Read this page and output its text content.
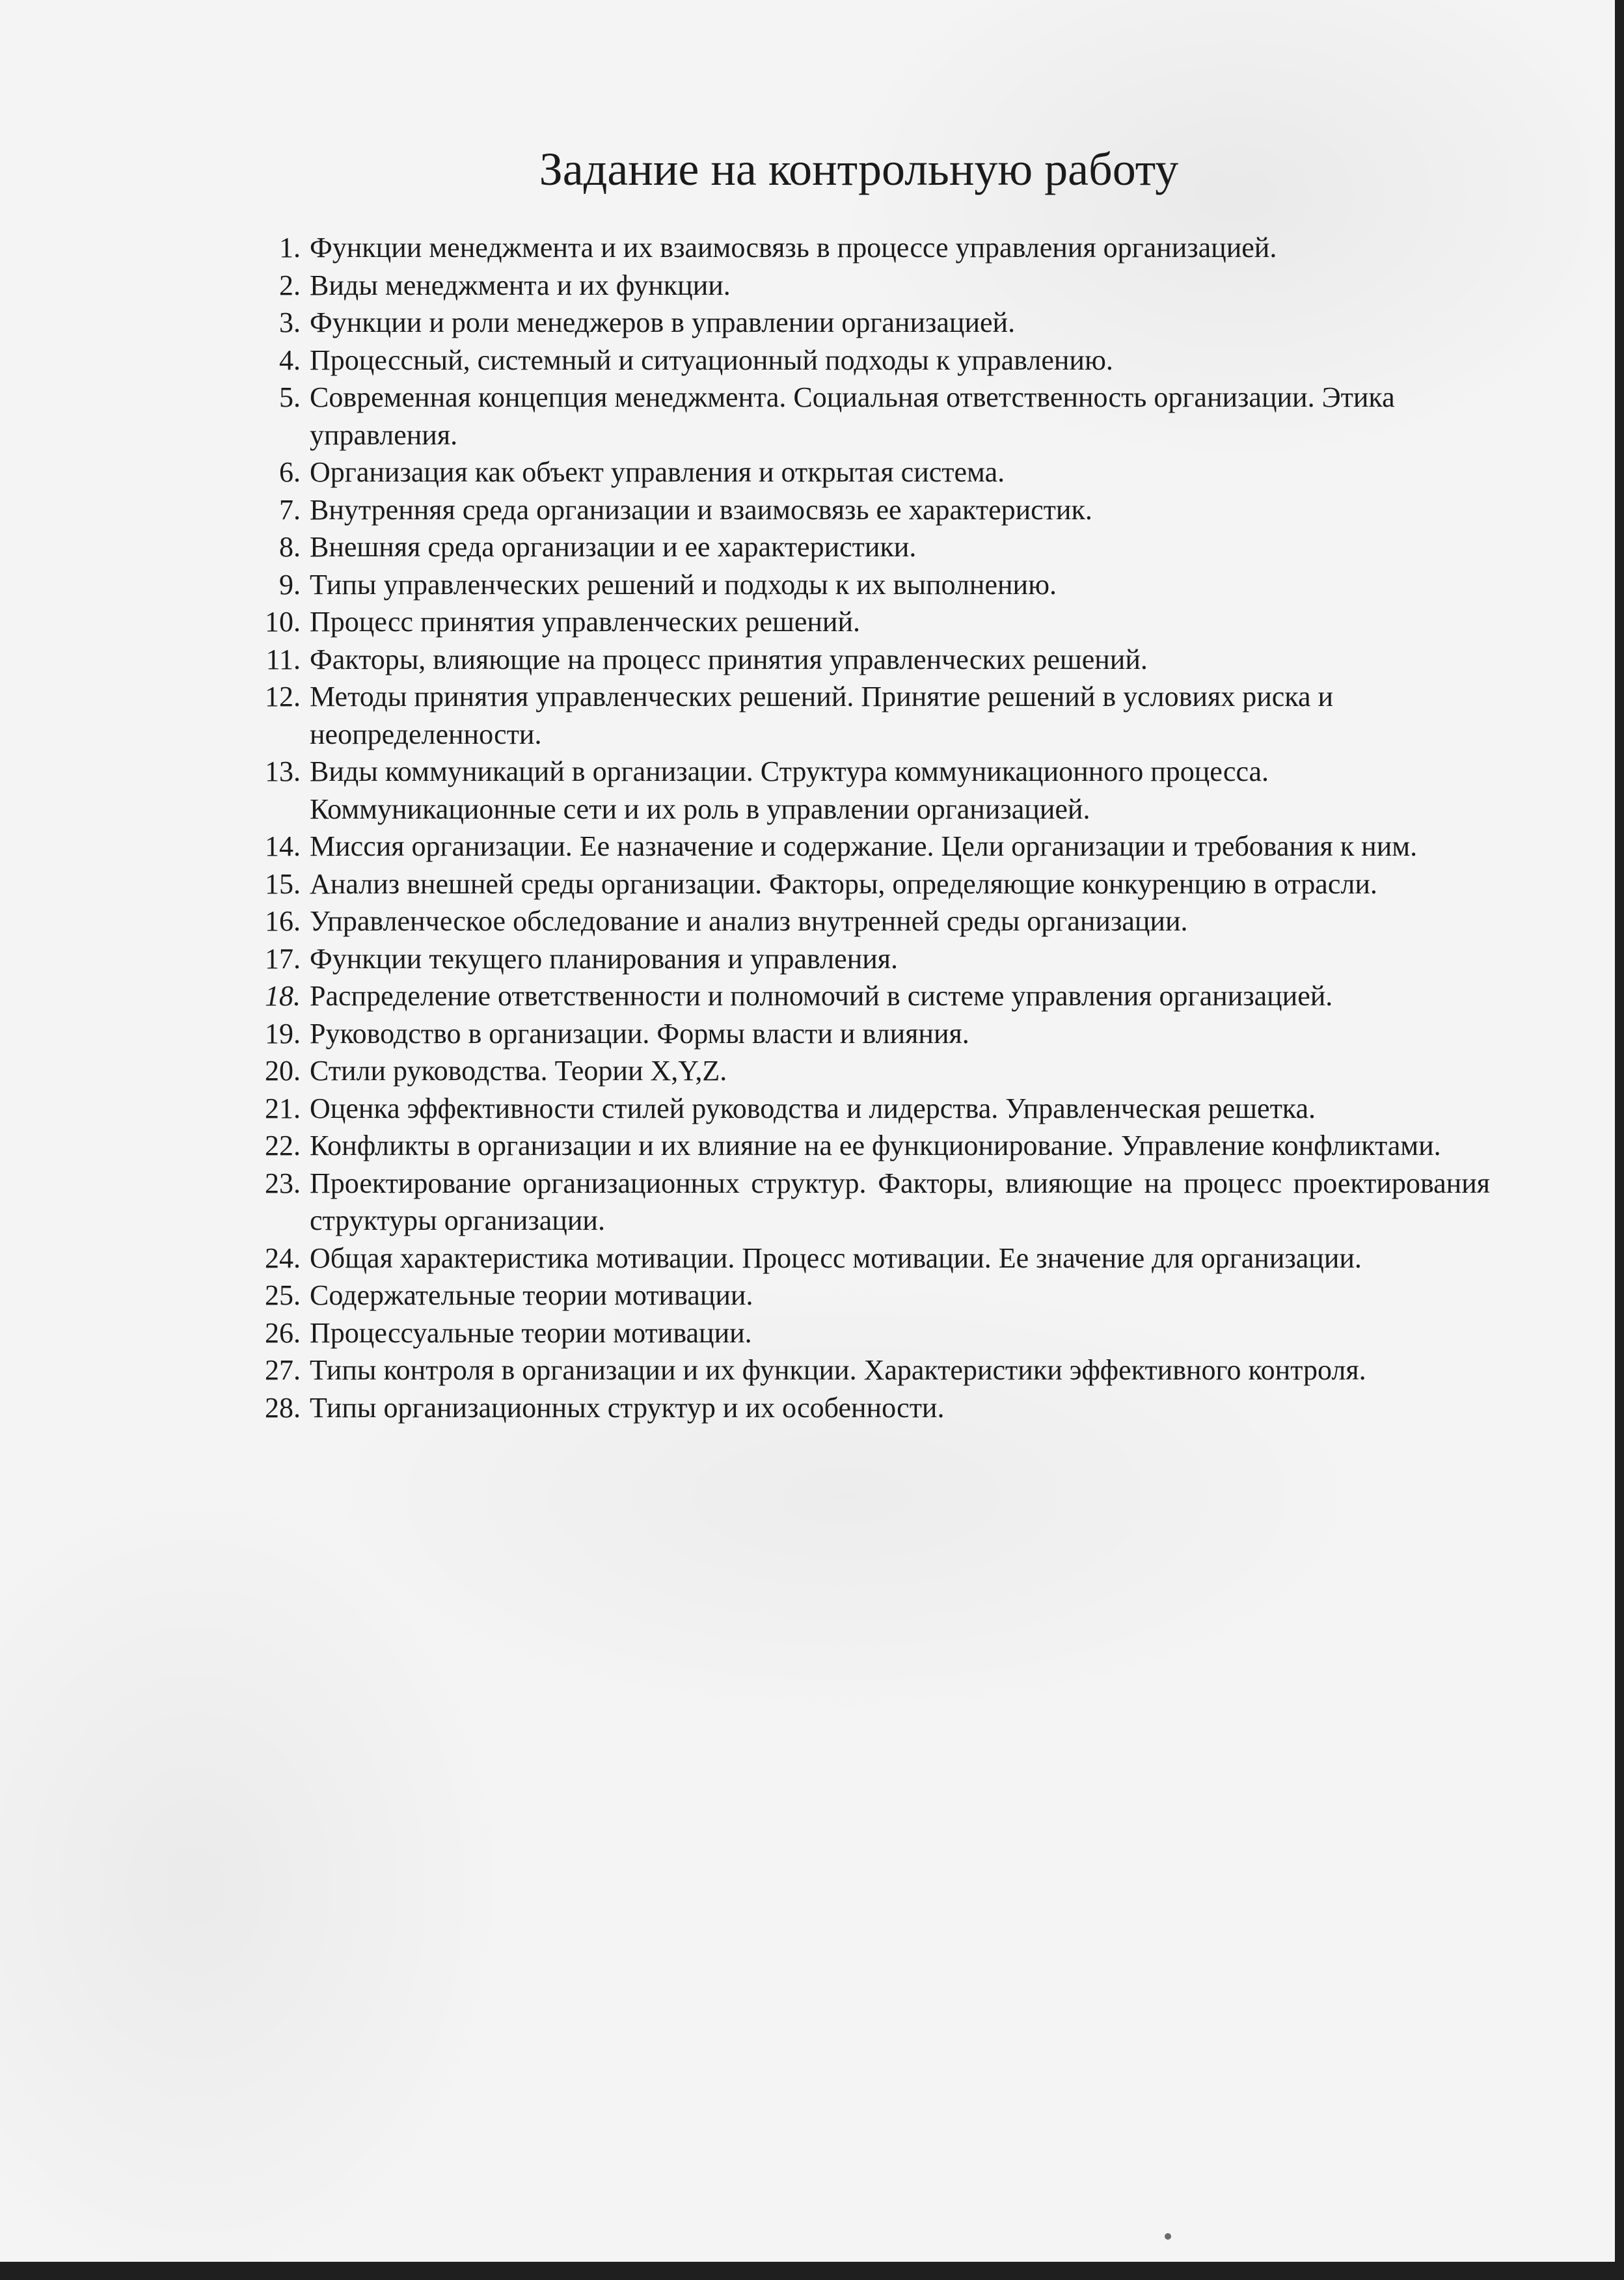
Задание на контрольную работу
1. Функции менеджмента и их взаимосвязь в процессе управления организацией.
2. Виды менеджмента и их функции.
3. Функции и роли менеджеров в управлении организацией.
4. Процессный, системный и ситуационный подходы к управлению.
5. Современная концепция менеджмента. Социальная ответственность организации. Этика управления.
6. Организация как объект управления и открытая система.
7. Внутренняя среда организации и взаимосвязь ее характеристик.
8. Внешняя среда организации и ее характеристики.
9. Типы управленческих решений и подходы к их выполнению.
10. Процесс принятия управленческих решений.
11. Факторы, влияющие на процесс принятия управленческих решений.
12. Методы принятия управленческих решений. Принятие решений в условиях риска и неопределенности.
13. Виды коммуникаций в организации. Структура коммуникационного процесса. Коммуникационные сети и их роль в управлении организацией.
14. Миссия организации. Ее назначение и содержание. Цели организации и требования к ним.
15. Анализ внешней среды организации. Факторы, определяющие конкуренцию в отрасли.
16. Управленческое обследование и анализ внутренней среды организации.
17. Функции текущего планирования и управления.
18. Распределение ответственности и полномочий в системе управления организацией.
19. Руководство в организации. Формы власти и влияния.
20. Стили руководства. Теории X,Y,Z.
21. Оценка эффективности стилей руководства и лидерства. Управленческая решетка.
22. Конфликты в организации и их влияние на ее функционирование. Управление конфликтами.
23. Проектирование организационных структур. Факторы, влияющие на процесс проектирования структуры организации.
24. Общая характеристика мотивации. Процесс мотивации. Ее значение для организации.
25. Содержательные теории мотивации.
26. Процессуальные теории мотивации.
27. Типы контроля в организации и их функции. Характеристики эффективного контроля.
28. Типы организационных структур и их особенности.
